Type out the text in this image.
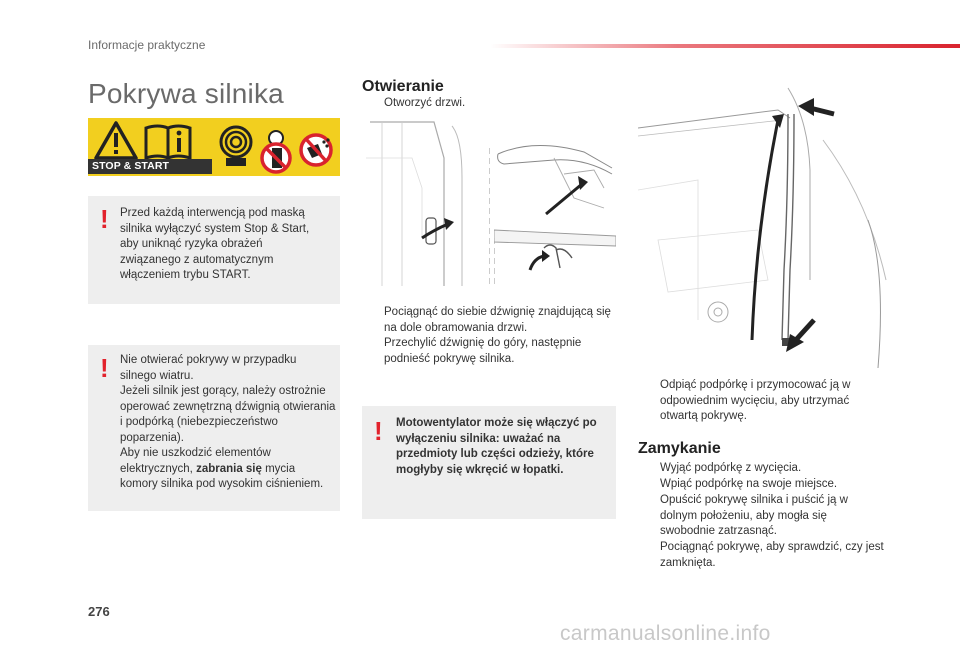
Informacje praktyczne
Pokrywa silnika
STOP & START SYSTEM
! Przed każdą interwencją pod maską silnika wyłączyć system Stop & Start, aby uniknąć ryzyka obrażeń związanego z automatycznym włączeniem trybu START.
! Nie otwierać pokrywy w przypadku silnego wiatru.

Jeżeli silnik jest gorący, należy ostrożnie operować zewnętrzną dźwignią otwierania i podpórką (niebezpieczeństwo poparzenia).

Aby nie uszkodzić elementów elektrycznych, zabrania się mycia komory silnika pod wysokim ciśnieniem.

Otwieranie
Otworzyć drzwi.
Pociągnąć do siebie dźwignię znajdującą się na dole obramowania drzwi.
Przechylić dźwignię do góry, następnie podnieść pokrywę silnika.
! Motowentylator może się włączyć po wyłączeniu silnika: uważać na przedmioty lub części odzieży, które mogłyby się wkręcić w łopatki.
Odpiąć podpórkę i przymocować ją w odpowiednim wycięciu, aby utrzymać otwartą pokrywę.
Zamykanie
Wyjąć podpórkę z wycięcia.
Wpiąć podpórkę na swoje miejsce.
Opuścić pokrywę silnika i puścić ją w dolnym położeniu, aby mogła się swobodnie zatrzasnąć.
Pociągnąć pokrywę, aby sprawdzić, czy jest zamknięta.
276
carmanualsonline.info
